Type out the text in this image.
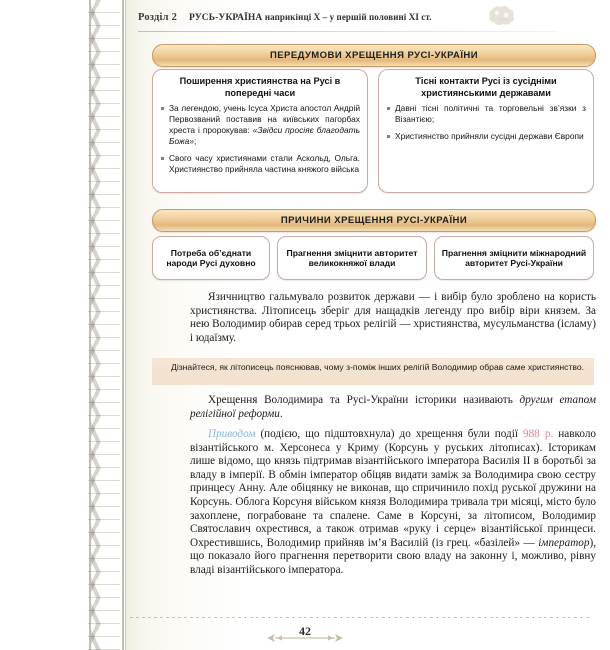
Розділ 2 РУСЬ-УКРАЇНА наприкінці X – у першій половині XI ст.
ПЕРЕДУМОВИ ХРЕЩЕННЯ РУСІ-УКРАЇНИ
Поширення християнства на Русі в попередні часи
За легендою, учень Ісуса Христа апостол Андрій Первозваний поставив на київських пагорбах хреста і пророкував: «Звідси просіяє благодать Божа»;
Свого часу християнами стали Аскольд, Ольга. Християнство прийняла частина княжого війська
Тісні контакти Русі із сусідніми християнськими державами
Давні тісні політичні та торговельні зв’язки з Візантією;
Християнство прийняли сусідні держави Європи
ПРИЧИНИ ХРЕЩЕННЯ РУСІ-УКРАЇНИ
Потреба об’єднати народи Русі духовно
Прагнення зміцнити авторитет великокняжої влади
Прагнення зміцнити міжнародний авторитет Русі-України

Язичництво гальмувало розвиток держави — і вибір було зроблено на користь християнства. Літописець зберіг для нащадків легенду про вибір віри князем. За нею Володимир обирав серед трьох релігій — християнства, мусульманства (ісламу) і юдаїзму.

Дізнайтеся, як літописець пояснював, чому з-поміж інших релігій Володимир обрав саме християнство.

Хрещення Володимира та Русі-України історики називають другим етапом релігійної реформи.

Приводом (подією, що підштовхнула) до хрещення були події 988 р. навколо візантійського м. Херсонеса у Криму (Корсунь у руських літописах). Історикам лише відомо, що князь підтримав візантійського імператора Василія II в боротьбі за владу в імперії. В обмін імператор обіцяв видати заміж за Володимира свою сестру принцесу Анну. Але обіцянку не виконав, що спричинило похід руської дружини на Корсунь. Облога Корсуня військом князя Володимира тривала три місяці, місто було захоплене, пограбоване та спалене. Саме в Корсуні, за літописом, Володимир Святославич охрестився, а також отримав «руку і серце» візантійської принцеси. Охрестившись, Володимир прийняв ім’я Василій (із грец. «базілей» — імператор), що показало його прагнення перетворити свою владу на законну і, можливо, рівну владі візантійського імператора.

42
